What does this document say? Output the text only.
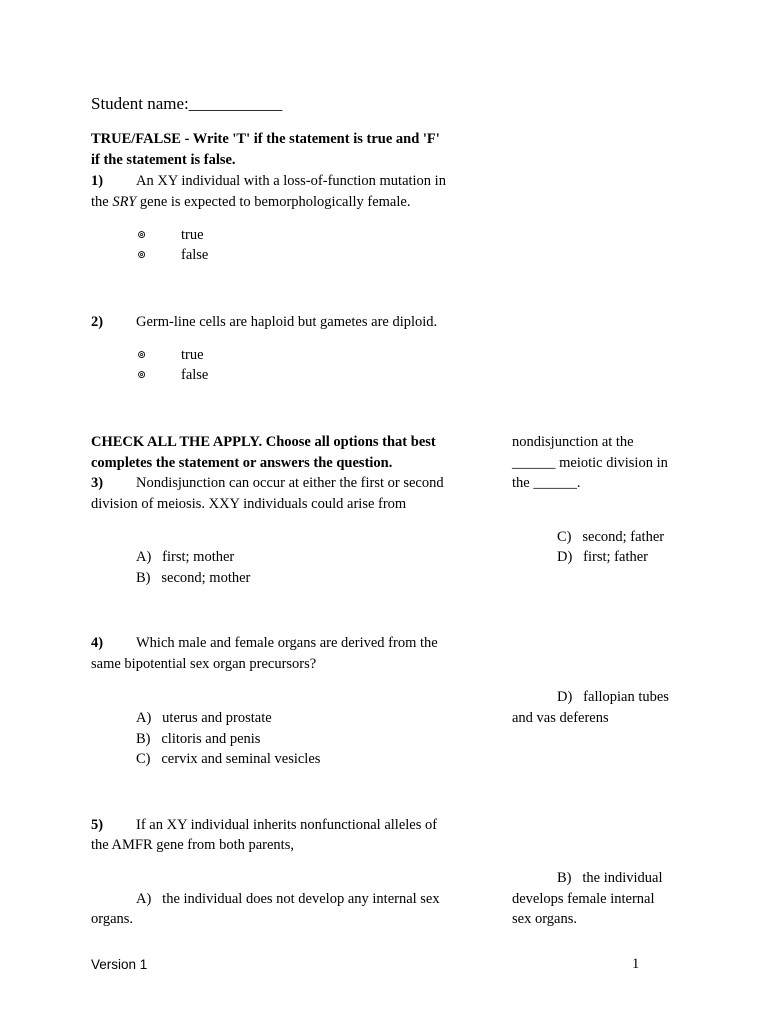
Student name:___________
TRUE/FALSE - Write 'T' if the statement is true and 'F'
if the statement is false.
1) An XY individual with a loss-of-function mutation in
the SRY gene is expected to bemorphologically female.
⊚	true
⊚	false
2) Germ-line cells are haploid but gametes are diploid.
⊚	true
⊚	false
CHECK ALL THE APPLY. Choose all options that best
completes the statement or answers the question.
3) Nondisjunction can occur at either the first or second
division of meiosis. XXY individuals could arise from
nondisjunction at the
______ meiotic division in
the ______.
C)   second; father
D)   first; father
A)   first; mother
B)   second; mother
4) Which male and female organs are derived from the
same bipotential sex organ precursors?
D)   fallopian tubes
and vas deferens
A)   uterus and prostate
B)   clitoris and penis
C)   cervix and seminal vesicles
5) If an XY individual inherits nonfunctional alleles of
the AMFR gene from both parents,
B)   the individual
develops female internal
sex organs.
A)   the individual does not develop any internal sex
organs.
Version 1	1
